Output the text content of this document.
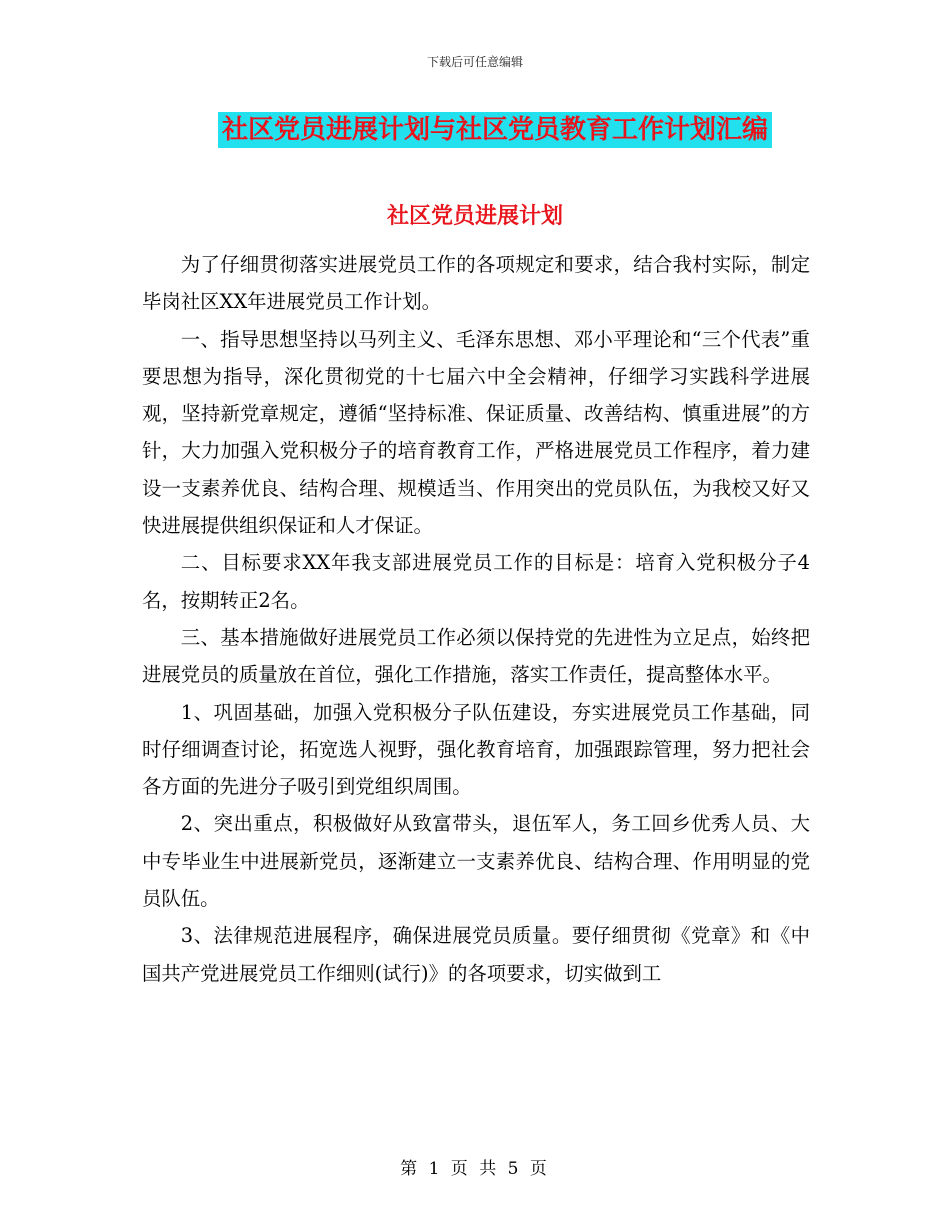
下载后可任意编辑
社区党员进展计划与社区党员教育工作计划汇编
社区党员进展计划

为了仔细贯彻落实进展党员工作的各项规定和要求，结合我村实际，制定毕岗社区XX年进展党员工作计划。

一、指导思想坚持以马列主义、毛泽东思想、邓小平理论和“三个代表”重要思想为指导，深化贯彻党的十七届六中全会精神，仔细学习实践科学进展观，坚持新党章规定，遵循“坚持标准、保证质量、改善结构、慎重进展”的方针，大力加强入党积极分子的培育教育工作，严格进展党员工作程序，着力建设一支素养优良、结构合理、规模适当、作用突出的党员队伍，为我校又好又快进展提供组织保证和人才保证。

二、目标要求XX年我支部进展党员工作的目标是：培育入党积极分子4名，按期转正2名。

三、基本措施做好进展党员工作必须以保持党的先进性为立足点，始终把进展党员的质量放在首位，强化工作措施，落实工作责任，提高整体水平。

1、巩固基础，加强入党积极分子队伍建设，夯实进展党员工作基础，同时仔细调查讨论，拓宽选人视野，强化教育培育，加强跟踪管理，努力把社会各方面的先进分子吸引到党组织周围。

2、突出重点，积极做好从致富带头，退伍军人，务工回乡优秀人员、大中专毕业生中进展新党员，逐渐建立一支素养优良、结构合理、作用明显的党员队伍。

3、法律规范进展程序，确保进展党员质量。要仔细贯彻《党章》和《中国共产党进展党员工作细则(试行)》的各项要求，切实做到工

第 1 页 共 5 页
